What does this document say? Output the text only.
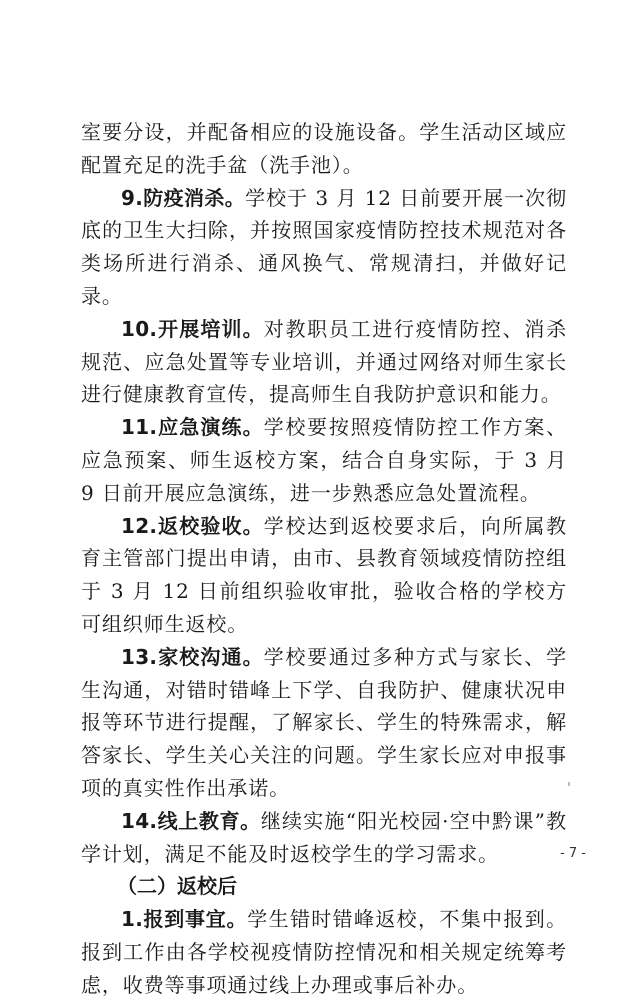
室要分设，并配备相应的设施设备。学生活动区域应配置充足的洗手盆（洗手池）。

9.防疫消杀。学校于 3 月 12 日前要开展一次彻底的卫生大扫除，并按照国家疫情防控技术规范对各类场所进行消杀、通风换气、常规清扫，并做好记录。

10.开展培训。对教职员工进行疫情防控、消杀规范、应急处置等专业培训，并通过网络对师生家长进行健康教育宣传，提高师生自我防护意识和能力。

11.应急演练。学校要按照疫情防控工作方案、应急预案、师生返校方案，结合自身实际，于 3 月 9 日前开展应急演练，进一步熟悉应急处置流程。

12.返校验收。学校达到返校要求后，向所属教育主管部门提出申请，由市、县教育领域疫情防控组于 3 月 12 日前组织验收审批，验收合格的学校方可组织师生返校。

13.家校沟通。学校要通过多种方式与家长、学生沟通，对错时错峰上下学、自我防护、健康状况申报等环节进行提醒，了解家长、学生的特殊需求，解答家长、学生关心关注的问题。学生家长应对申报事项的真实性作出承诺。

14.线上教育。继续实施“阳光校园·空中黔课”教学计划，满足不能及时返校学生的学习需求。

（二）返校后

1.报到事宜。学生错时错峰返校，不集中报到。报到工作由各学校视疫情防控情况和相关规定统筹考虑，收费等事项通过线上办理或事后补办。

- 7 -
